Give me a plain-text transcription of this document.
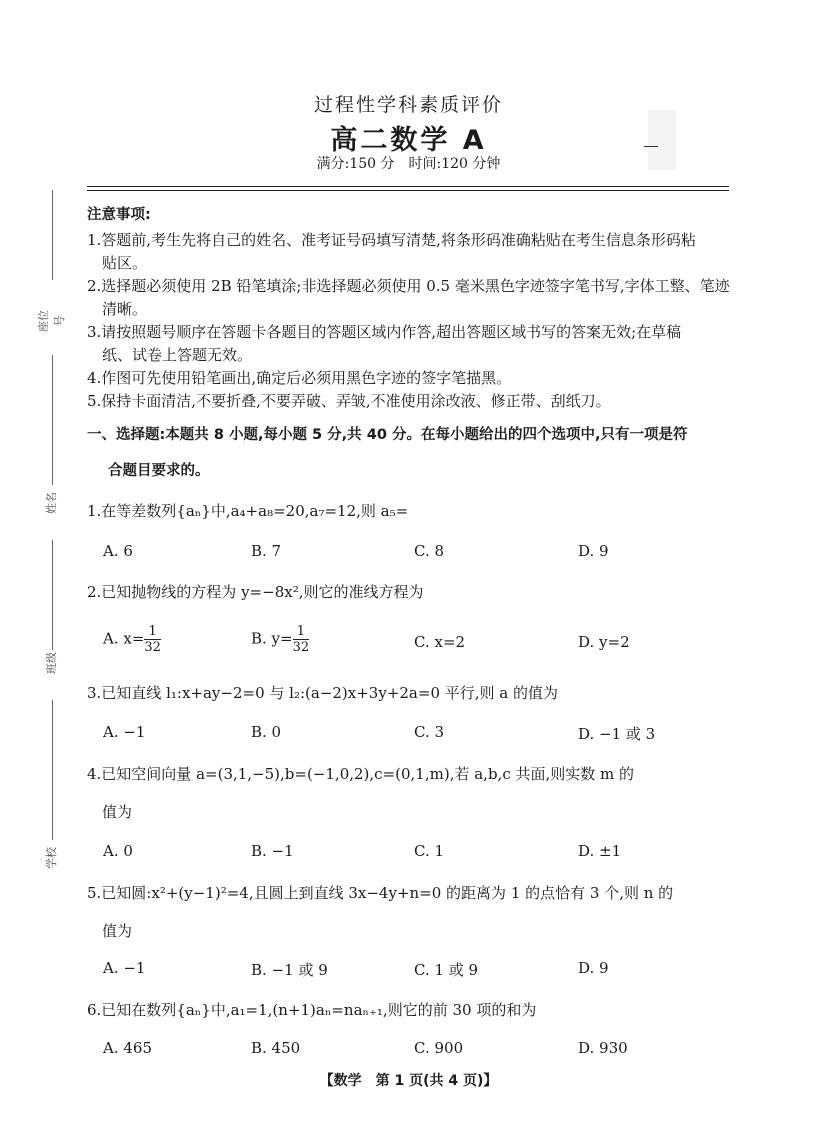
过程性学科素质评价
高二数学 A
满分:150 分　时间:120 分钟
座位号
姓名
班级
学校
注意事项:
1.答题前,考生先将自己的姓名、准考证号码填写清楚,将条形码准确粘贴在考生信息条形码粘
　贴区。
2.选择题必须使用 2B 铅笔填涂;非选择题必须使用 0.5 毫米黑色字迹签字笔书写,字体工整、笔迹
　清晰。
3.请按照题号顺序在答题卡各题目的答题区域内作答,超出答题区域书写的答案无效;在草稿
　纸、试卷上答题无效。
4.作图可先使用铅笔画出,确定后必须用黑色字迹的签字笔描黑。
5.保持卡面清洁,不要折叠,不要弄破、弄皱,不准使用涂改液、修正带、刮纸刀。
一、选择题:本题共 8 小题,每小题 5 分,共 40 分。在每小题给出的四个选项中,只有一项是符
合题目要求的。
1.在等差数列{aₙ}中,a₄+a₈=20,a₇=12,则 a₅=
A. 6	B. 7	C. 8	D. 9
2.已知抛物线的方程为 y=−8x²,则它的准线方程为
A. $x= \frac{1}{32}$	B. $y= \frac{1}{32}$	C. x=2	D. y=2
3.已知直线 l₁:x+ay−2=0 与 l₂:(a−2)x+3y+2a=0 平行,则 a 的值为
A. −1	B. 0	C. 3	D. −1 或 3
4.已知空间向量 a=(3,1,−5),b=(−1,0,2),c=(0,1,m),若 a,b,c 共面,则实数 m 的
　值为
A. 0	B. −1	C. 1	D. ±1
5.已知圆:x²+(y−1)²=4,且圆上到直线 3x−4y+n=0 的距离为 1 的点恰有 3 个,则 n 的
　值为
A. −1	B. −1 或 9	C. 1 或 9	D. 9
6.已知在数列{aₙ}中,a₁=1,(n+1)aₙ=naₙ₊₁,则它的前 30 项的和为
A. 465	B. 450	C. 900	D. 930
【数学　第 1 页(共 4 页)】
